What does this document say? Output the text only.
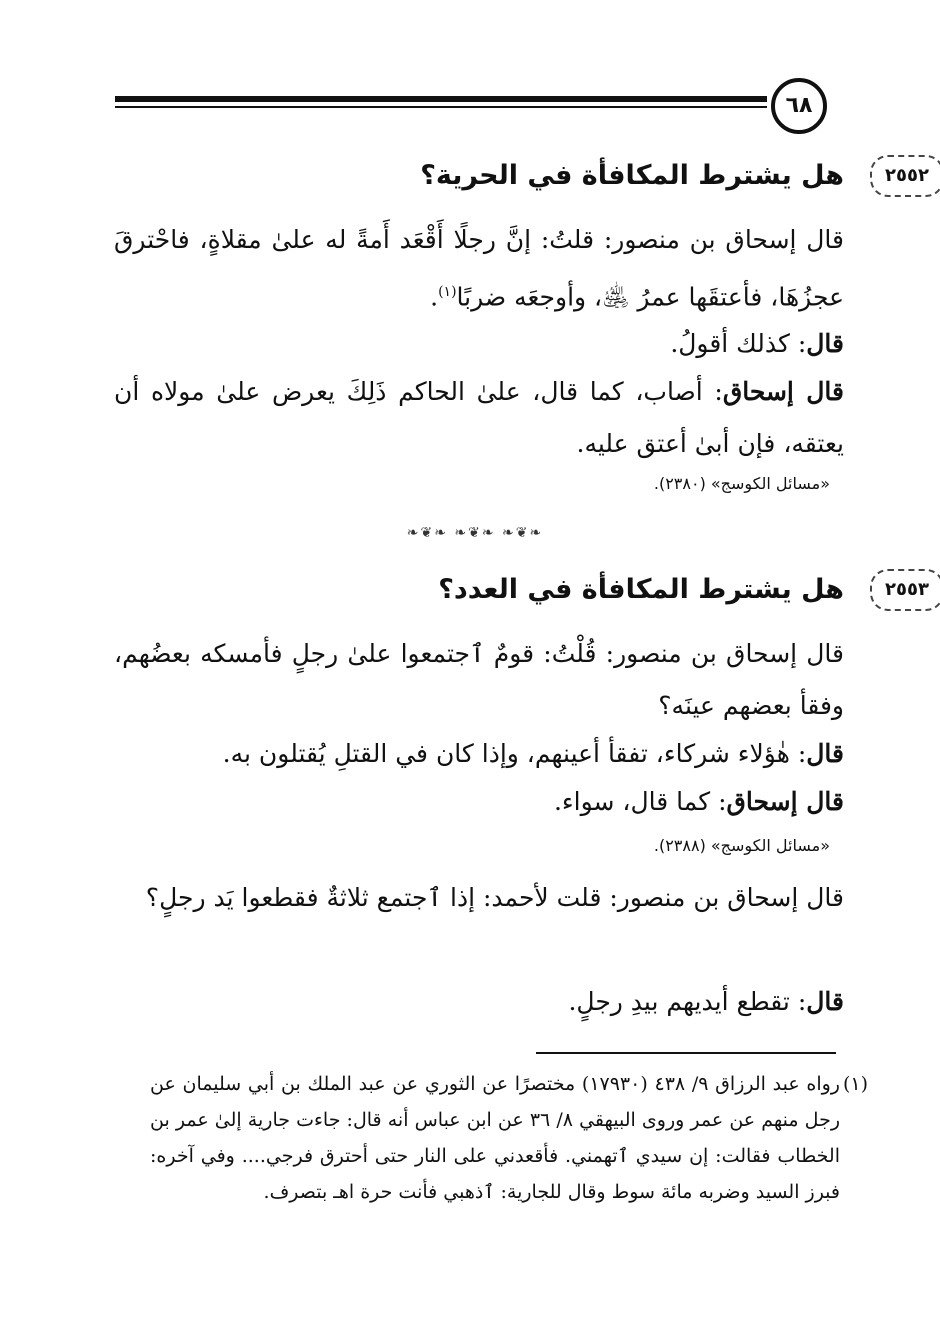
٦٨
٢٥٥٢
هل يشترط المكافأة في الحرية؟
قال إسحاق بن منصور: قلتُ: إنَّ رجلًا أَقْعَد أَمةً له علىٰ مقلاةٍ، فاحْترقَ عجزُهَا، فأعتقَها عمرُ ﵁، وأوجعَه ضربًا$^{(١)}$.
قال: كذلك أقولُ.
قال إسحاق: أصاب، كما قال، علىٰ الحاكم ذَلِكَ يعرض علىٰ مولاه أن يعتقه، فإن أبىٰ أعتق عليه.
«مسائل الكوسج» (٢٣٨٠).
❧❦❧ ❧❦❧ ❧❦❧
٢٥٥٣
هل يشترط المكافأة في العدد؟
قال إسحاق بن منصور: قُلْتُ: قومٌ ٱجتمعوا علىٰ رجلٍ فأمسكه بعضُهم، وفقأ بعضهم عينَه؟
قال: هٰؤلاء شركاء، تفقأ أعينهم، وإذا كان في القتلِ يُقتلون به.
قال إسحاق: كما قال، سواء.
«مسائل الكوسج» (٢٣٨٨).
قال إسحاق بن منصور: قلت لأحمد: إذا ٱجتمع ثلاثةٌ فقطعوا يَد رجلٍ؟
قال: تقطع أيديهم بيدِ رجلٍ.
(١)
رواه عبد الرزاق ٩/ ٤٣٨ (١٧٩٣٠) مختصرًا عن الثوري عن عبد الملك بن أبي سليمان عن رجل منهم عن عمر وروى البيهقي ٨/ ٣٦ عن ابن عباس أنه قال: جاءت جارية إلىٰ عمر بن الخطاب فقالت: إن سيدي ٱتهمني. فأقعدني على النار حتى أحترق فرجي.... وفي آخره: فبرز السيد وضربه مائة سوط وقال للجارية: ٱذهبي فأنت حرة اهـ بتصرف.
